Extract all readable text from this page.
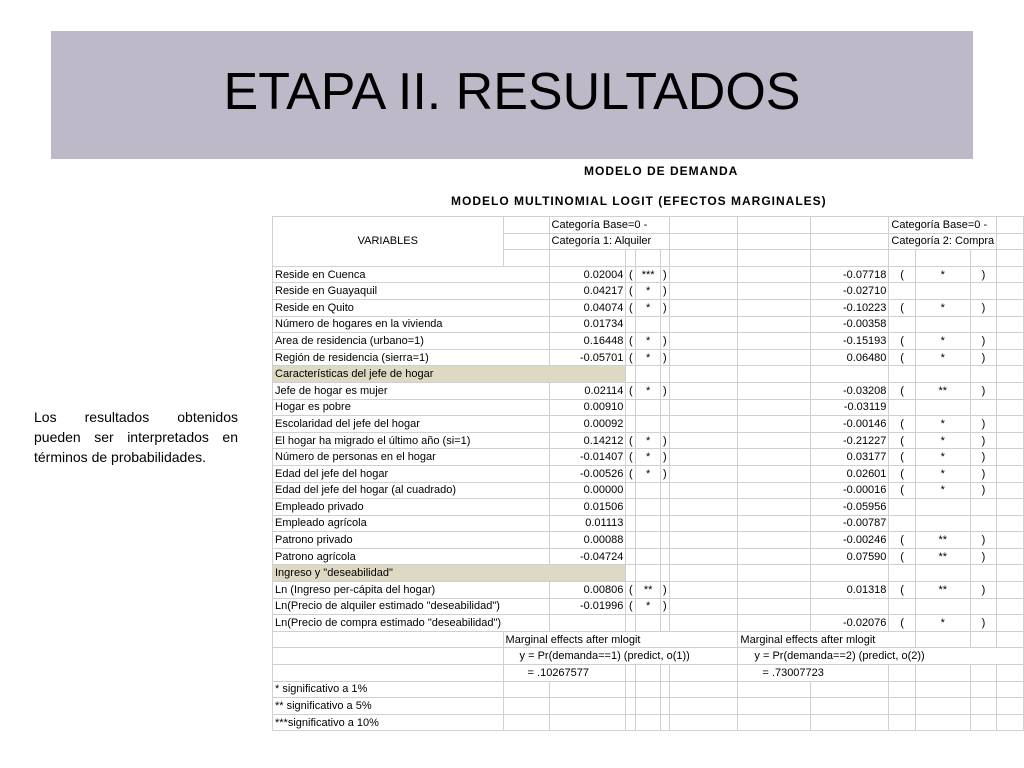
ETAPA II. RESULTADOS
Los resultados obtenidos pueden ser interpretados en términos de probabilidades.
MODELO DE DEMANDA
MODELO MULTINOMIAL LOGIT (EFECTOS MARGINALES)
VARIABLES		Categoría Base=0 -							Categoría Base=0 -			
		Categoría 1: Alquiler							Categoría 2: Compra			

Reside en Cuenca		0.02004	(	***	)			-0.07718	(	*	)	
Reside en Guayaquil		0.04217	(	*	)			-0.02710				
Reside en Quito		0.04074	(	*	)			-0.10223	(	*	)	
Número de hogares en la vivienda		0.01734						-0.00358				
Area de residencia (urbano=1)		0.16448	(	*	)			-0.15193	(	*	)	
Región de residencia (sierra=1)		-0.05701	(	*	)			0.06480	(	*	)	
Características del jefe de hogar												
Jefe de hogar es mujer		0.02114	(	*	)			-0.03208	(	**	)	
Hogar es pobre		0.00910						-0.03119				
Escolaridad del jefe del hogar		0.00092						-0.00146	(	*	)	
El hogar ha migrado el último año (si=1)		0.14212	(	*	)			-0.21227	(	*	)	
Número de personas en el hogar		-0.01407	(	*	)			0.03177	(	*	)	
Edad del jefe del hogar		-0.00526	(	*	)			0.02601	(	*	)	
Edad del jefe del hogar (al cuadrado)		0.00000						-0.00016	(	*	)	
Empleado privado		0.01506						-0.05956				
Empleado agrícola		0.01113						-0.00787				
Patrono privado		0.00088						-0.00246	(	**	)	
Patrono agrícola		-0.04724						0.07590	(	**	)	
Ingreso y "deseabilidad"												
Ln (Ingreso per-cápita del hogar)		0.00806	(	**	)			0.01318	(	**	)	
Ln(Precio de alquiler estimado "deseabilidad")		-0.01996	(	*	)							
Ln(Precio de compra estimado "deseabilidad")								-0.02076	(	*	)	
	Marginal effects after mlogit						Marginal effects after mlogit					
	y = Pr(demanda==1) (predict, o(1))						y = Pr(demanda==2) (predict, o(2))					
	= .10267577						= .73007723					
* significativo a 1%												
** significativo a 5%												
***significativo a 10%												
